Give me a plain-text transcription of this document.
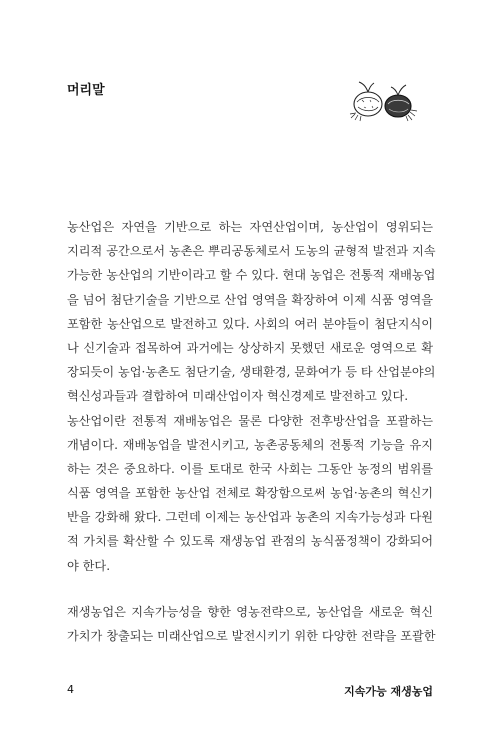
머리말
농산업은 자연을 기반으로 하는 자연산업이며, 농산업이 영위되는
지리적 공간으로서 농촌은 뿌리공동체로서 도농의 균형적 발전과 지속
가능한 농산업의 기반이라고 할 수 있다. 현대 농업은 전통적 재배농업
을 넘어 첨단기술을 기반으로 산업 영역을 확장하여 이제 식품 영역을
포함한 농산업으로 발전하고 있다. 사회의 여러 분야들이 첨단지식이
나 신기술과 접목하여 과거에는 상상하지 못했던 새로운 영역으로 확
장되듯이 농업·농촌도 첨단기술, 생태환경, 문화여가 등 타 산업분야의
혁신성과들과 결합하여 미래산업이자 혁신경제로 발전하고 있다.
농산업이란 전통적 재배농업은 물론 다양한 전후방산업을 포괄하는
개념이다. 재배농업을 발전시키고, 농촌공동체의 전통적 기능을 유지
하는 것은 중요하다. 이를 토대로 한국 사회는 그동안 농정의 범위를
식품 영역을 포함한 농산업 전체로 확장함으로써 농업·농촌의 혁신기
반을 강화해 왔다. 그런데 이제는 농산업과 농촌의 지속가능성과 다원
적 가치를 확산할 수 있도록 재생농업 관점의 농식품정책이 강화되어
야 한다.
재생농업은 지속가능성을 향한 영농전략으로, 농산업을 새로운 혁신
가치가 창출되는 미래산업으로 발전시키기 위한 다양한 전략을 포괄한
4	지속가능 재생농업
